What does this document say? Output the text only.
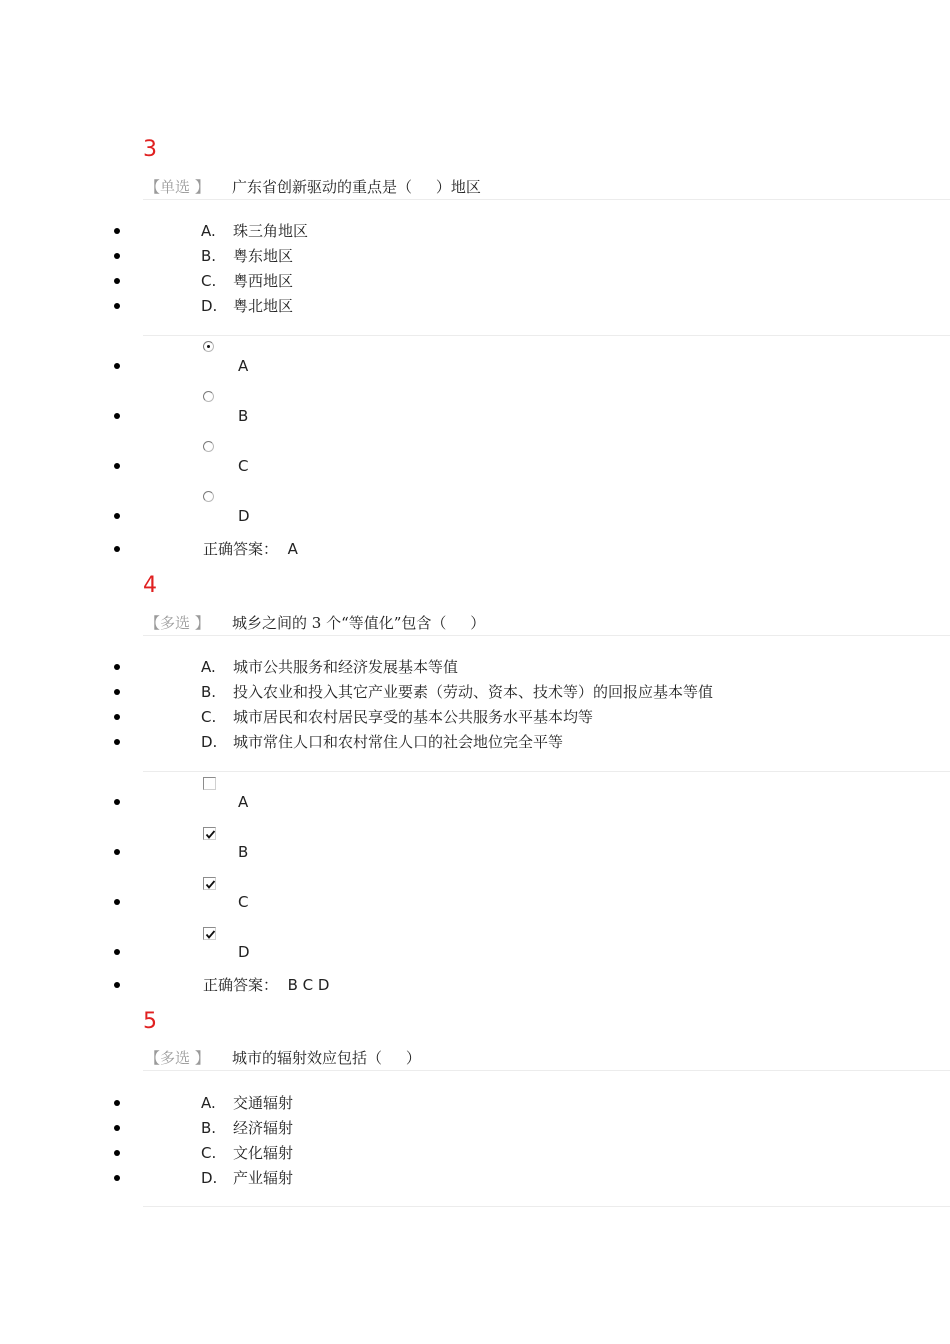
3
【单选 】 广东省创新驱动的重点是（     ）地区
A. 珠三角地区
B. 粤东地区
C. 粤西地区
D. 粤北地区
A
B
C
D
正确答案： A
4
【多选 】 城乡之间的 3 个“等值化”包含（     ）
A. 城市公共服务和经济发展基本等值
B. 投入农业和投入其它产业要素（劳动、资本、技术等）的回报应基本等值
C. 城市居民和农村居民享受的基本公共服务水平基本均等
D. 城市常住人口和农村常住人口的社会地位完全平等
A
B
C
D
正确答案： B C D
5
【多选 】 城市的辐射效应包括（     ）
A. 交通辐射
B. 经济辐射
C. 文化辐射
D. 产业辐射
